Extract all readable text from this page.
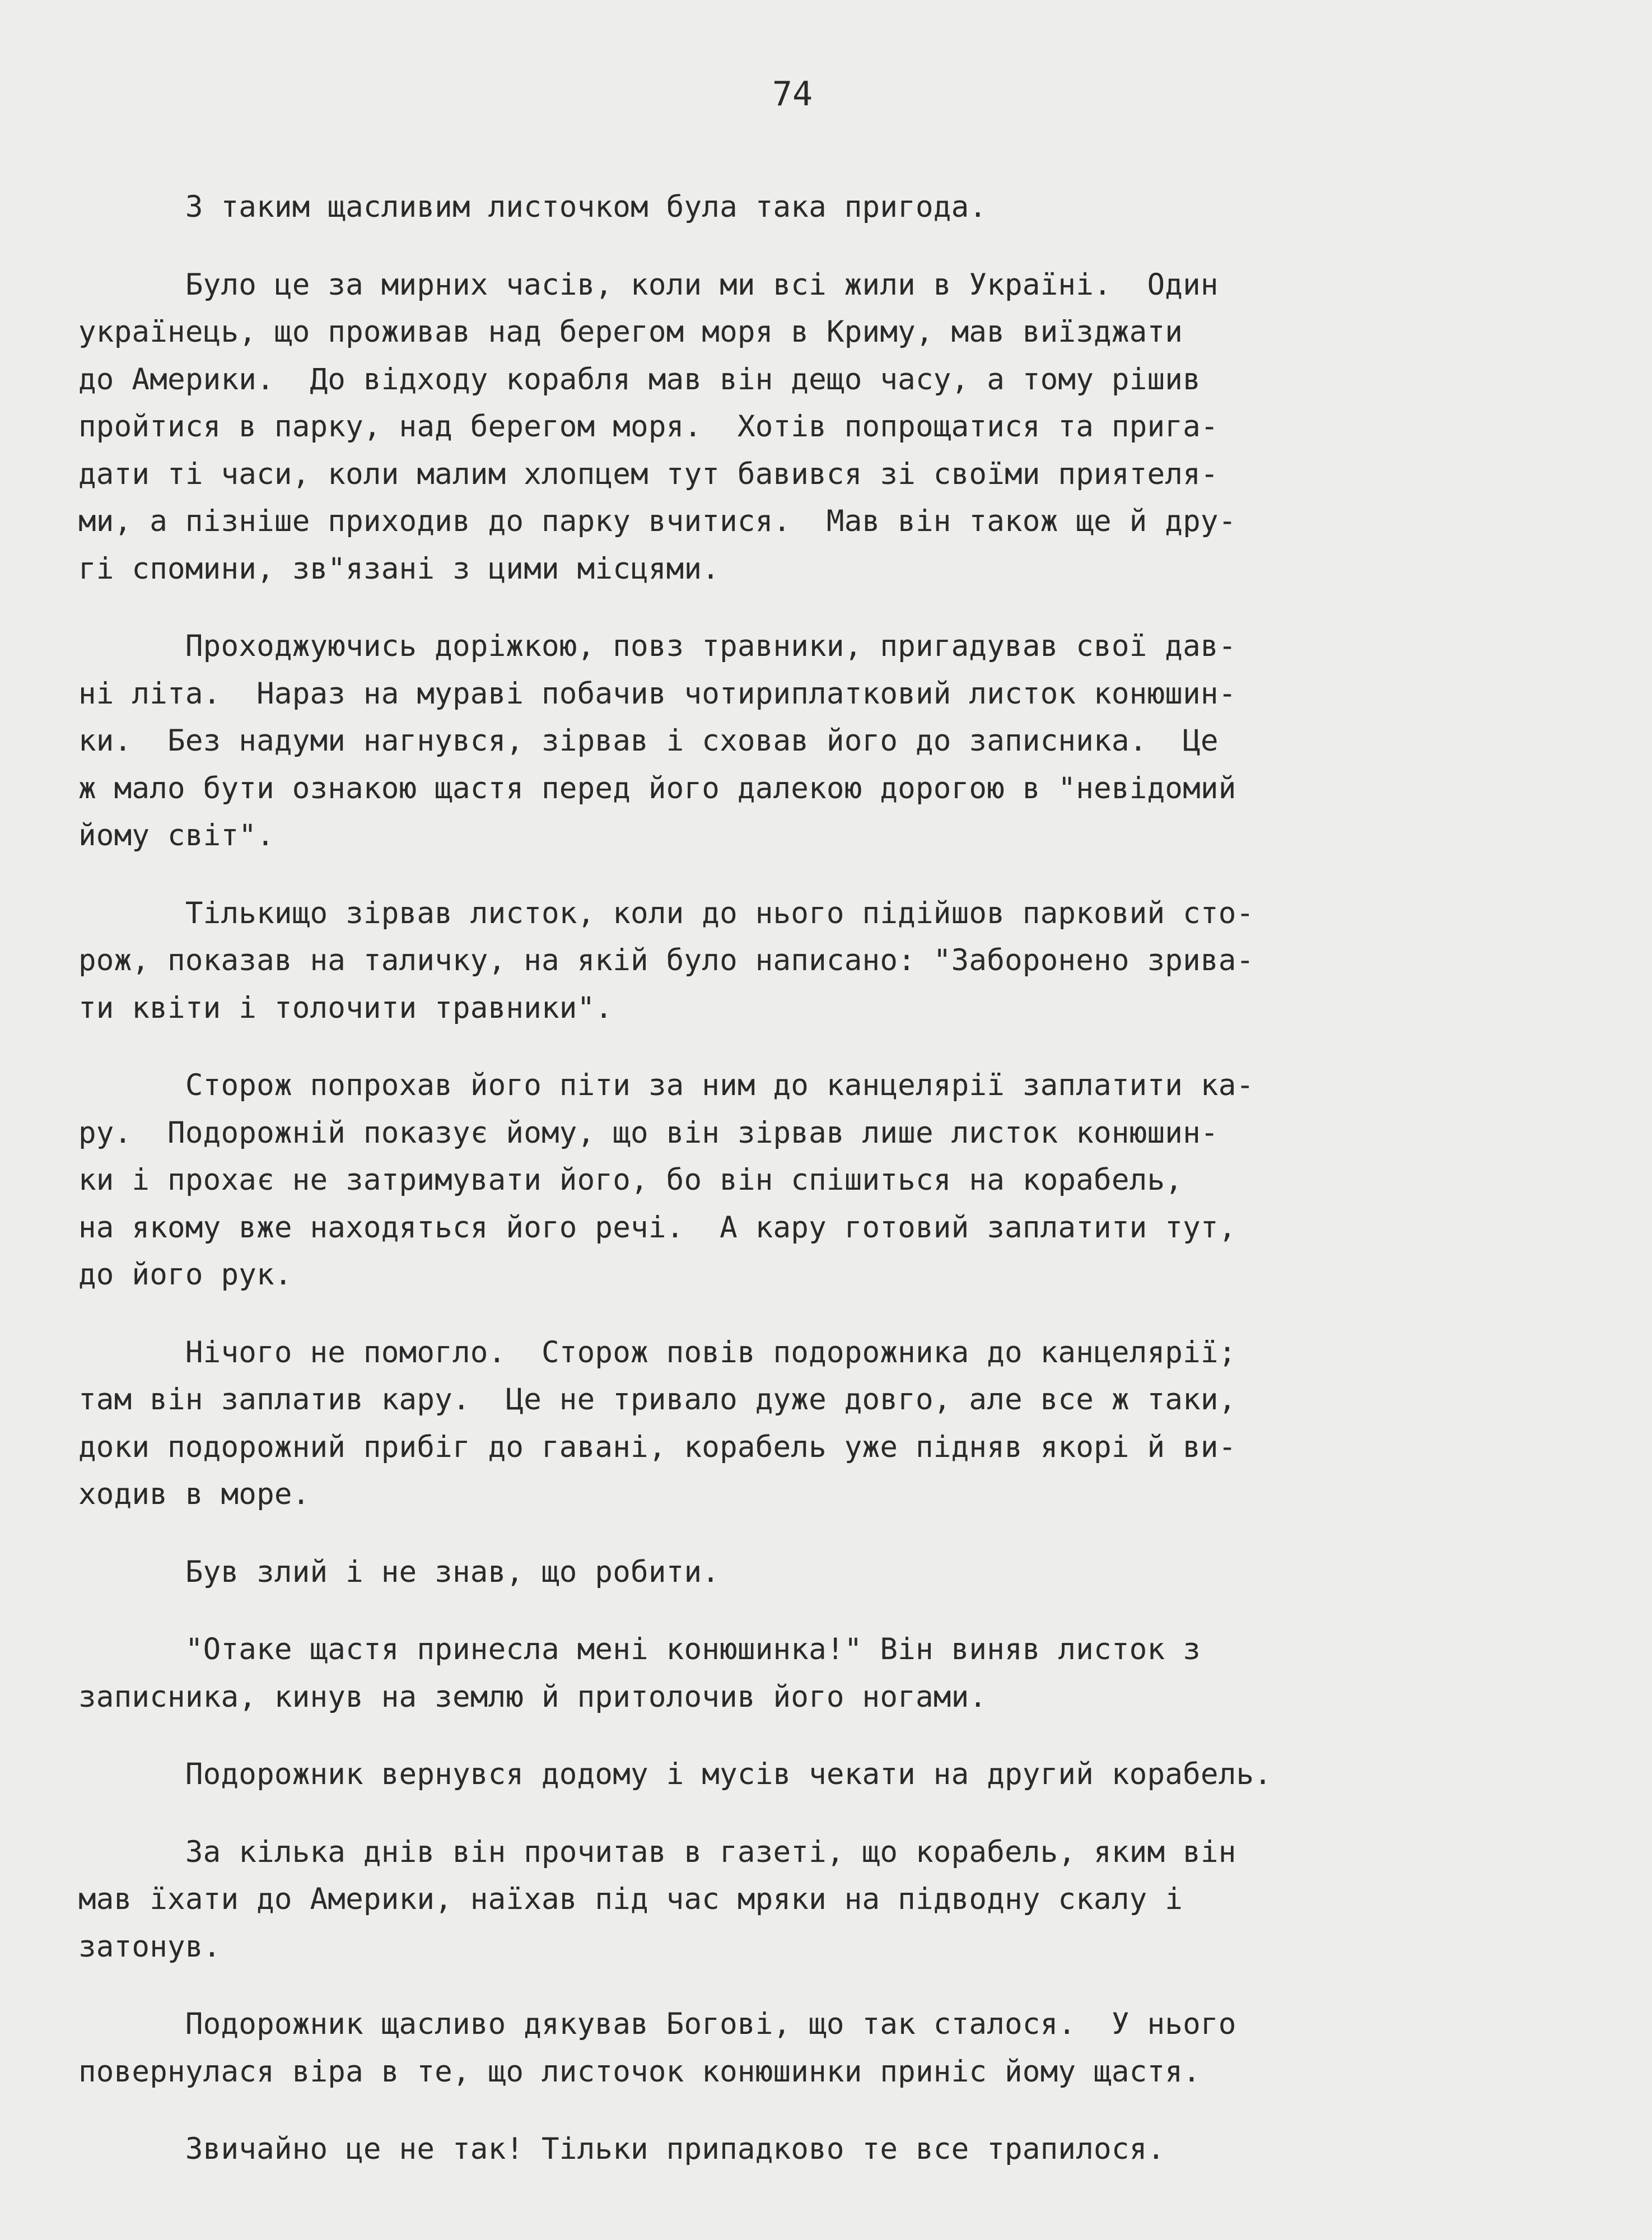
74
З таким щасливим листочком була така пригода.
Було це за мирних часів, коли ми всі жили в Україні.  Один
українець, що проживав над берегом моря в Криму, мав виїзджати
до Америки.  До відходу корабля мав він дещо часу, а тому рішив
пройтися в парку, над берегом моря.  Хотів попрощатися та прига-
дати ті часи, коли малим хлопцем тут бавився зі своїми приятеля-
ми, а пізніше приходив до парку вчитися.  Мав він також ще й дру-
гі спомини, зв"язані з цими місцями.
Проходжуючись доріжкою, повз травники, пригадував свої дав-
ні літа.  Нараз на мураві побачив чотириплатковий листок конюшин-
ки.  Без надуми нагнувся, зірвав і сховав його до записника.  Це
ж мало бути ознакою щастя перед його далекою дорогою в "невідомий
йому світ".
Тількищо зірвав листок, коли до нього підійшов парковий сто-
рож, показав на таличку, на якій було написано: "Заборонено зрива-
ти квіти і толочити травники".
Сторож попрохав його піти за ним до канцелярії заплатити ка-
ру.  Подорожній показує йому, що він зірвав лише листок конюшин-
ки і прохає не затримувати його, бо він спішиться на корабель,
на якому вже находяться його речі.  А кару готовий заплатити тут,
до його рук.
Нічого не помогло.  Сторож повів подорожника до канцелярії;
там він заплатив кару.  Це не тривало дуже довго, але все ж таки,
доки подорожний прибіг до гавані, корабель уже підняв якорі й ви-
ходив в море.
Був злий і не знав, що робити.
"Отаке щастя принесла мені конюшинка!" Він виняв листок з
записника, кинув на землю й притолочив його ногами.
Подорожник вернувся додому і мусів чекати на другий корабель.
За кілька днів він прочитав в газеті, що корабель, яким він
мав їхати до Америки, наїхав під час мряки на підводну скалу і
затонув.
Подорожник щасливо дякував Богові, що так сталося.  У нього
повернулася віра в те, що листочок конюшинки приніс йому щастя.
Звичайно це не так! Тільки припадково те все трапилося.
